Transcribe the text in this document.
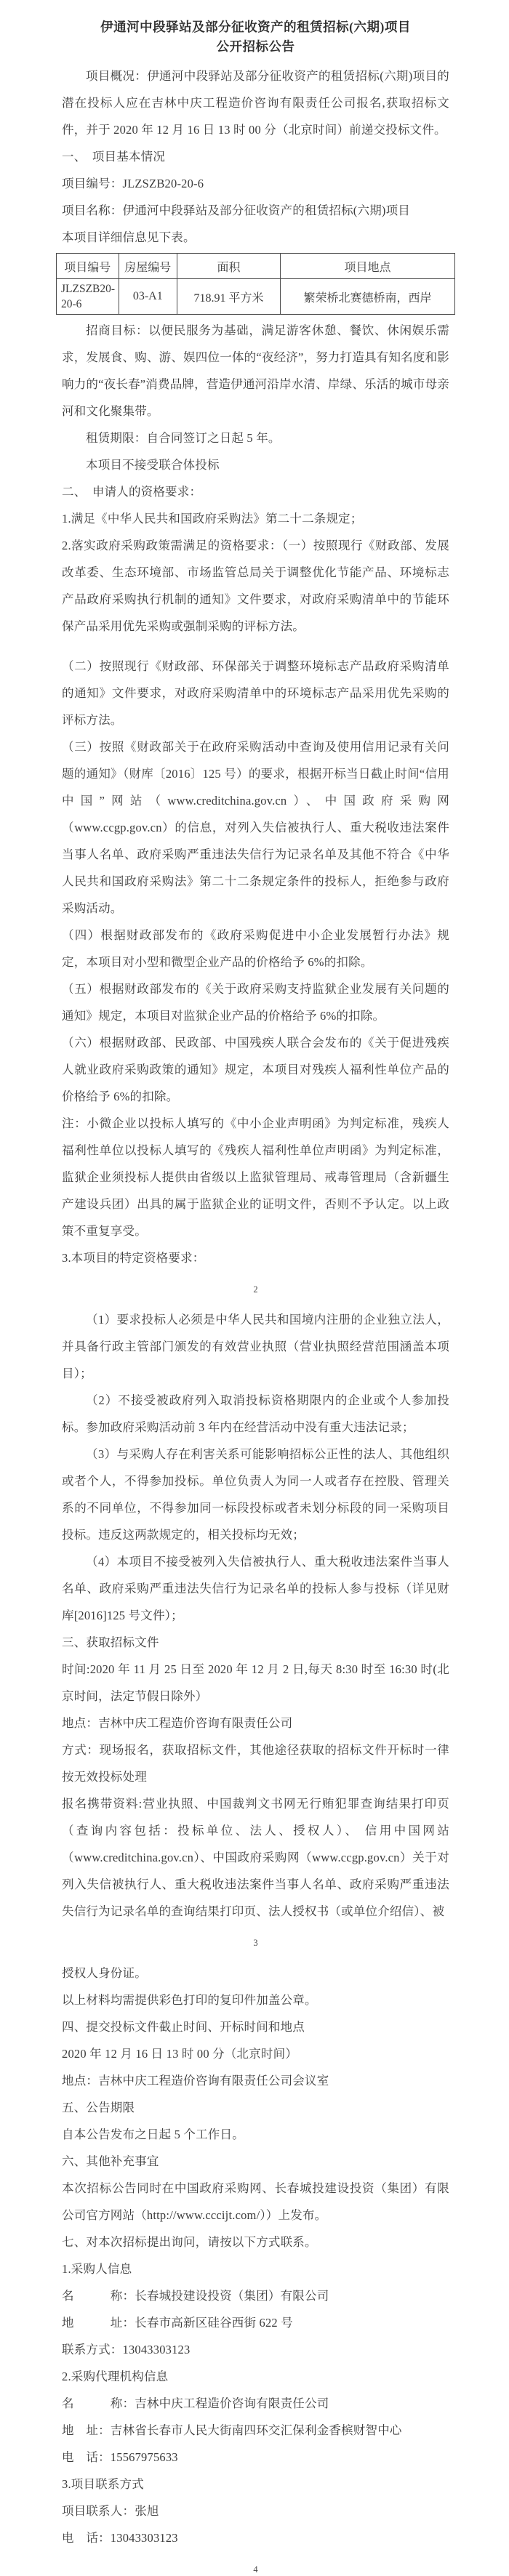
伊通河中段驿站及部分征收资产的租赁招标(六期)项目
公开招标公告

项目概况：伊通河中段驿站及部分征收资产的租赁招标(六期)项目的潜在投标人应在吉林中庆工程造价咨询有限责任公司报名,获取招标文件，并于 2020 年 12 月 16 日 13 时 00 分（北京时间）前递交投标文件。

一、　项目基本情况

项目编号：JLZSZB20-20-6

项目名称：伊通河中段驿站及部分征收资产的租赁招标(六期)项目

本项目详细信息见下表。

项目编号	房屋编号	面积	项目地点
JLZSZB20-20-6	03-A1	718.91 平方米	繁荣桥北赛德桥南，西岸

招商目标：以便民服务为基础，满足游客休憩、餐饮、休闲娱乐需求，发展食、购、游、娱四位一体的“夜经济”，努力打造具有知名度和影响力的“夜长春”消费品牌，营造伊通河沿岸水清、岸绿、乐活的城市母亲河和文化聚集带。

租赁期限：自合同签订之日起 5 年。

本项目不接受联合体投标

二、　申请人的资格要求：

1.满足《中华人民共和国政府采购法》第二十二条规定；

2.落实政府采购政策需满足的资格要求：（一）按照现行《财政部、发展改革委、生态环境部、市场监管总局关于调整优化节能产品、环境标志产品政府采购执行机制的通知》文件要求，对政府采购清单中的节能环保产品采用优先采购或强制采购的评标方法。

（二）按照现行《财政部、环保部关于调整环境标志产品政府采购清单的通知》文件要求，对政府采购清单中的环境标志产品采用优先采购的评标方法。

（三）按照《财政部关于在政府采购活动中查询及使用信用记录有关问题的通知》（财库〔2016〕125 号）的要求，根据开标当日截止时间“信用中国”网站（www.creditchina.gov.cn）、中国政府采购网（www.ccgp.gov.cn）的信息，对列入失信被执行人、重大税收违法案件当事人名单、政府采购严重违法失信行为记录名单及其他不符合《中华人民共和国政府采购法》第二十二条规定条件的投标人，拒绝参与政府采购活动。

（四）根据财政部发布的《政府采购促进中小企业发展暂行办法》规定，本项目对小型和微型企业产品的价格给予 6%的扣除。

（五）根据财政部发布的《关于政府采购支持监狱企业发展有关问题的通知》规定，本项目对监狱企业产品的价格给予 6%的扣除。

（六）根据财政部、民政部、中国残疾人联合会发布的《关于促进残疾人就业政府采购政策的通知》规定，本项目对残疾人福利性单位产品的价格给予 6%的扣除。

注：小微企业以投标人填写的《中小企业声明函》为判定标准，残疾人福利性单位以投标人填写的《残疾人福利性单位声明函》为判定标准，监狱企业须投标人提供由省级以上监狱管理局、戒毒管理局（含新疆生产建设兵团）出具的属于监狱企业的证明文件，否则不予认定。以上政策不重复享受。

3.本项目的特定资格要求：

2

（1）要求投标人必须是中华人民共和国境内注册的企业独立法人，并具备行政主管部门颁发的有效营业执照（营业执照经营范围涵盖本项目）；

（2）不接受被政府列入取消投标资格期限内的企业或个人参加投标。参加政府采购活动前 3 年内在经营活动中没有重大违法记录；

（3）与采购人存在利害关系可能影响招标公正性的法人、其他组织或者个人，不得参加投标。单位负责人为同一人或者存在控股、管理关系的不同单位，不得参加同一标段投标或者未划分标段的同一采购项目投标。违反这两款规定的，相关投标均无效；

（4）本项目不接受被列入失信被执行人、重大税收违法案件当事人名单、政府采购严重违法失信行为记录名单的投标人参与投标（详见财库[2016]125 号文件）；

三、获取招标文件

时间:2020 年 11 月 25 日至 2020 年 12 月 2 日,每天 8:30 时至 16:30 时(北京时间，法定节假日除外）

地点：吉林中庆工程造价咨询有限责任公司

方式：现场报名，获取招标文件，其他途径获取的招标文件开标时一律按无效投标处理

报名携带资料:营业执照、中国裁判文书网无行贿犯罪查询结果打印页（查询内容包括：投标单位、法人、授权人）、 信用中国网站（www.creditchina.gov.cn）、中国政府采购网（www.ccgp.gov.cn）关于对列入失信被执行人、重大税收违法案件当事人名单、政府采购严重违法失信行为记录名单的查询结果打印页、法人授权书（或单位介绍信）、被

3

授权人身份证。

以上材料均需提供彩色打印的复印件加盖公章。

四、提交投标文件截止时间、开标时间和地点

2020 年 12 月 16 日 13 时 00 分（北京时间）

地点：吉林中庆工程造价咨询有限责任公司会议室

五、公告期限

自本公告发布之日起 5 个工作日。

六、其他补充事宜

本次招标公告同时在中国政府采购网、长春城投建设投资（集团）有限公司官方网站（http://www.cccijt.com/））上发布。

七、对本次招标提出询问，请按以下方式联系。

1.采购人信息

名　　　称：长春城投建设投资（集团）有限公司

地　　　址：长春市高新区硅谷西街 622 号

联系方式：13043303123

2.采购代理机构信息

名　　　称：吉林中庆工程造价咨询有限责任公司

地　址：吉林省长春市人民大街南四环交汇保利金香槟财智中心

电　话：15567975633

3.项目联系方式

项目联系人：张旭

电　话：13043303123

4
